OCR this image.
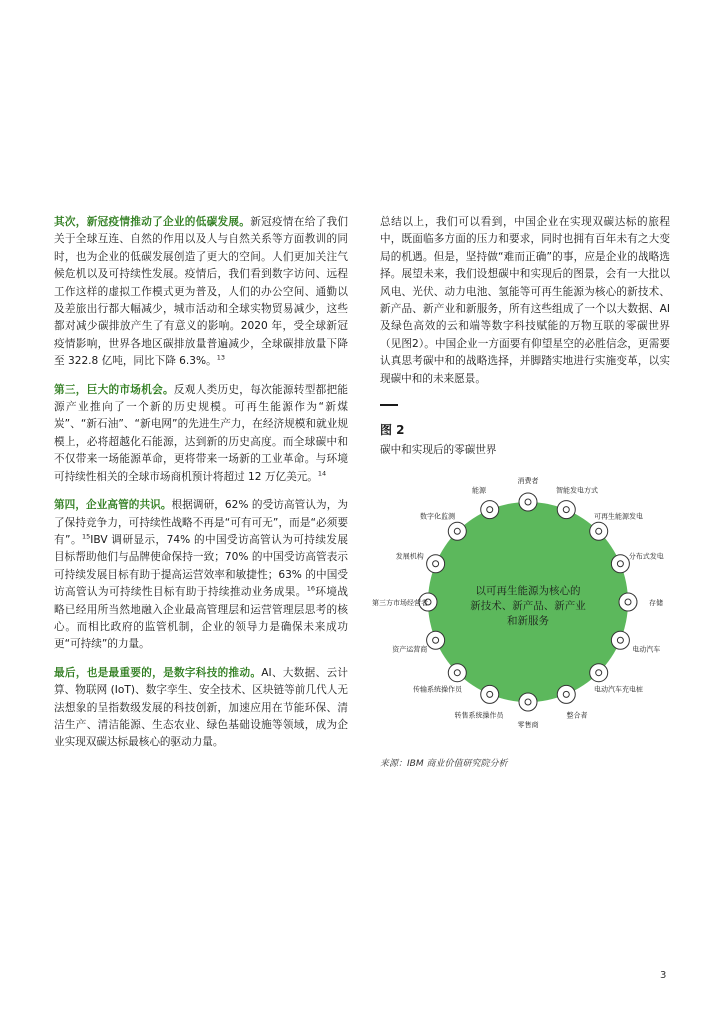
其次，新冠疫情推动了企业的低碳发展。新冠疫情在给了我们关于全球互连、自然的作用以及人与自然关系等方面教训的同时，也为企业的低碳发展创造了更大的空间。人们更加关注气候危机以及可持续性发展。疫情后，我们看到数字访问、远程工作这样的虚拟工作模式更为普及，人们的办公空间、通勤以及差旅出行都大幅减少，城市活动和全球实物贸易减少，这些都对减少碳排放产生了有意义的影响。2020 年，受全球新冠疫情影响，世界各地区碳排放量普遍减少，全球碳排放量下降至 322.8 亿吨，同比下降 6.3%。$^{13}$

第三，巨大的市场机会。反观人类历史，每次能源转型都把能源产业推向了一个新的历史规模。可再生能源作为“新煤炭”、“新石油”、“新电网”的先进生产力，在经济规模和就业规模上，必将超越化石能源，达到新的历史高度。而全球碳中和不仅带来一场能源革命，更将带来一场新的工业革命。与环境可持续性相关的全球市场商机预计将超过 12 万亿美元。$^{14}$

第四，企业高管的共识。根据调研，62% 的受访高管认为，为了保持竞争力，可持续性战略不再是“可有可无”，而是“必须要有”。$^{15}$IBV 调研显示，74% 的中国受访高管认为可持续发展目标帮助他们与品牌使命保持一致；70% 的中国受访高管表示可持续发展目标有助于提高运营效率和敏捷性；63% 的中国受访高管认为可持续性目标有助于持续推动业务成果。$^{16}$环境战略已经用所当然地融入企业最高管理层和运营管理层思考的核心。而相比政府的监管机制，企业的领导力是确保未来成功更“可持续”的力量。

最后，也是最重要的，是数字科技的推动。AI、大数据、云计算、物联网 (IoT)、数字孪生、安全技术、区块链等前几代人无法想象的呈指数级发展的科技创新，加速应用在节能环保、清洁生产、清洁能源、生态农业、绿色基础设施等领域，成为企业实现双碳达标最核心的驱动力量。

总结以上，我们可以看到，中国企业在实现双碳达标的旅程中，既面临多方面的压力和要求，同时也拥有百年未有之大变局的机遇。但是，坚持做“难而正确”的事，应是企业的战略选择。展望未来，我们设想碳中和实现后的图景，会有一大批以风电、光伏、动力电池、氢能等可再生能源为核心的新技术、新产品、新产业和新服务，所有这些组成了一个以大数据、AI及绿色高效的云和端等数字科技赋能的万物互联的零碳世界（见图2）。中国企业一方面要有仰望星空的必胜信念，更需要认真思考碳中和的战略选择，并脚踏实地进行实施变革，以实现碳中和的未来愿景。

图 2
碳中和实现后的零碳世界
以可再生能源为核心的
新技术、新产品、新产业
和新服务
消费者
智能发电方式
可再生能源发电
分布式发电
存储
电动汽车
电动汽车充电桩
整合者
零售商
转售系统操作员
传输系统操作员
资产运营商
第三方市场经营者
发展机构
数字化监测
能源
来源：IBM 商业价值研究院分析
3
